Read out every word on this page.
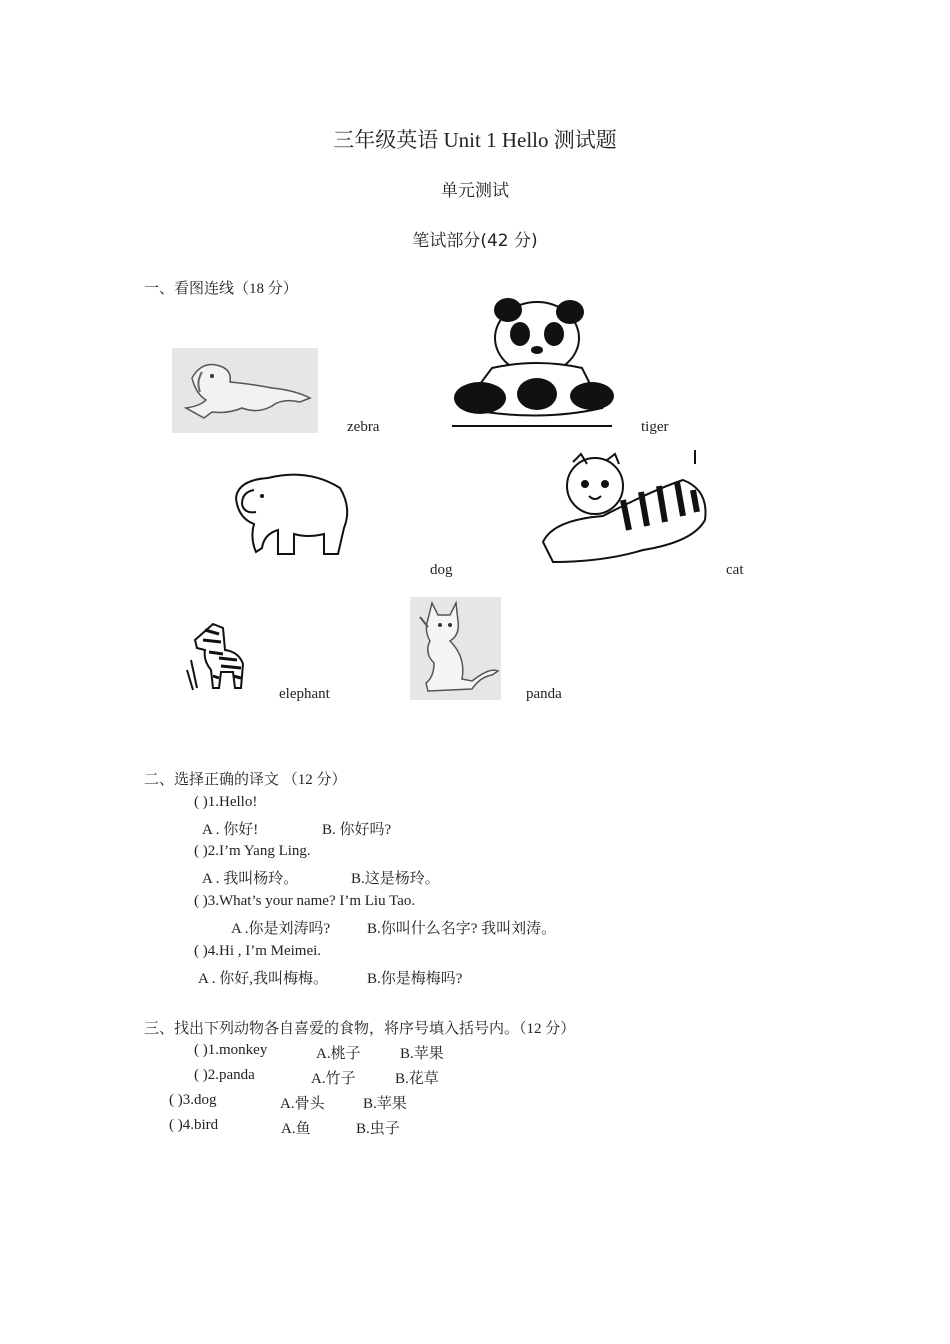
三年级英语 Unit 1 Hello 测试题
单元测试
笔试部分(42 分)
一、看图连线（18 分）
zebra	tiger
dog	cat
elephant	panda
二、选择正确的译文 （12 分）
( )1.Hello!
A . 你好!	B. 你好吗?
( )2.I’m Yang Ling.
A . 我叫杨玲。	B.这是杨玲。
( )3.What’s your name? I’m Liu Tao.
A .你是刘涛吗? B.你叫什么名字? 我叫刘涛。
( )4.Hi , I’m Meimei.
A . 你好,我叫梅梅。	B.你是梅梅吗?
三、找出下列动物各自喜爱的食物，将序号填入括号内。（12 分）
( )1.monkey	A.桃子	B.苹果
( )2.panda	A.竹子	B.花草
( )3.dog	A.骨头	B.苹果
( )4.bird	A.鱼	B.虫子
